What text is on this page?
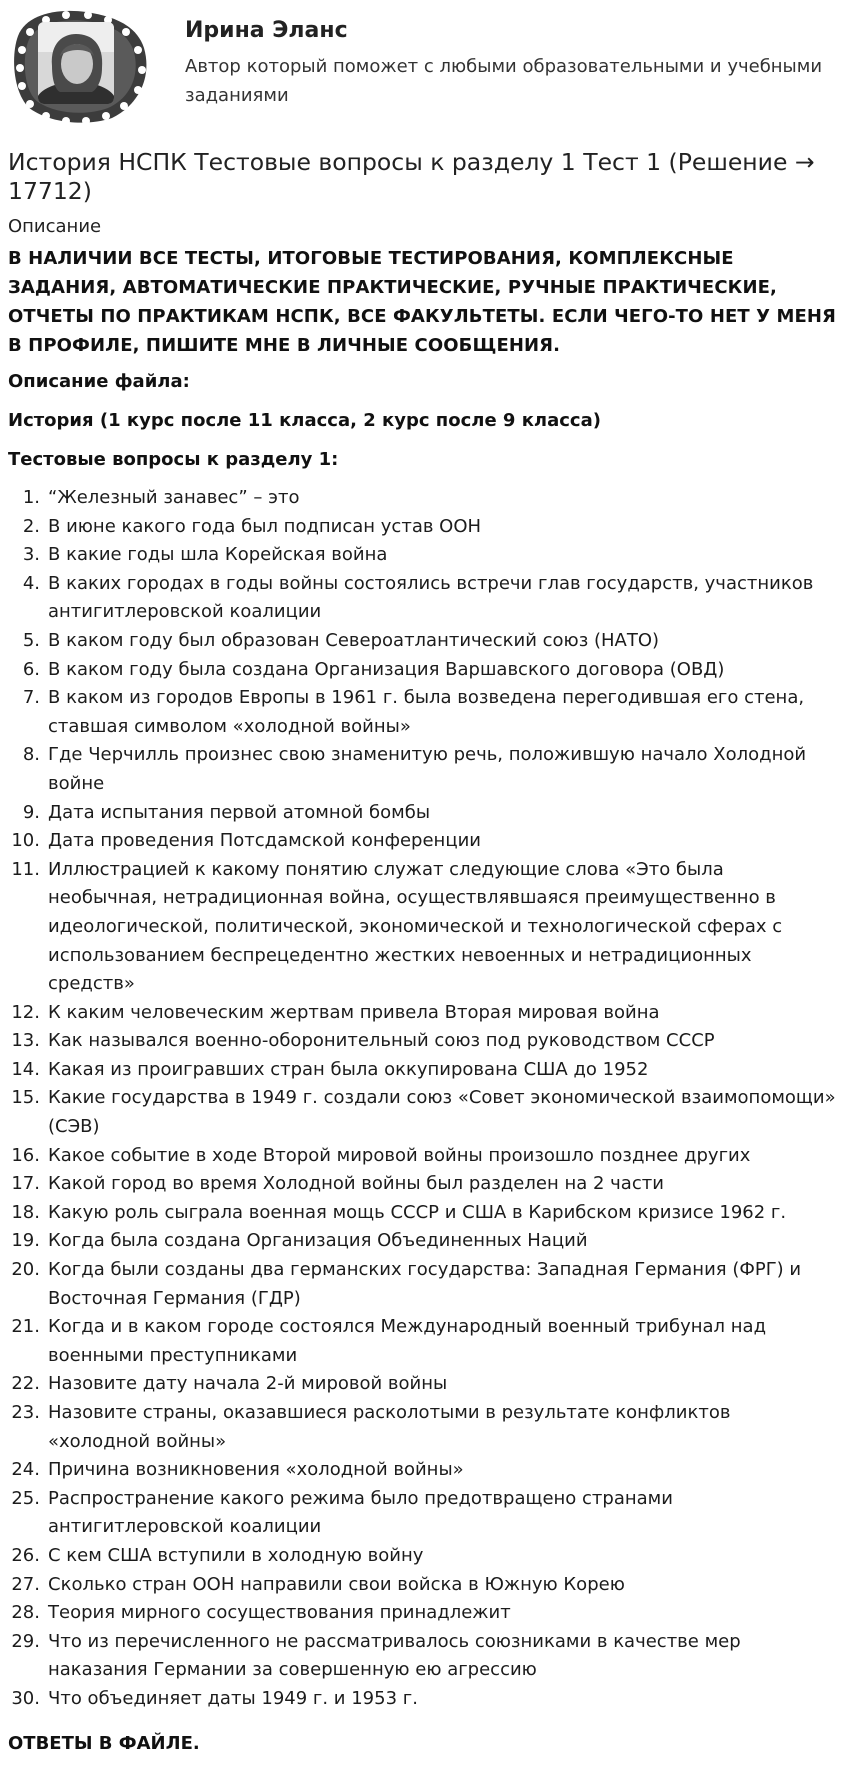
Ирина Эланс

Автор который поможет с любыми образовательными и учебными заданиями

История НСПК Тестовые вопросы к разделу 1 Тест 1 (Решение → 17712)

Описание

В НАЛИЧИИ ВСЕ ТЕСТЫ, ИТОГОВЫЕ ТЕСТИРОВАНИЯ, КОМПЛЕКСНЫЕ ЗАДАНИЯ, АВТОМАТИЧЕСКИЕ ПРАКТИЧЕСКИЕ, РУЧНЫЕ ПРАКТИЧЕСКИЕ, ОТЧЕТЫ ПО ПРАКТИКАМ НСПК, ВСЕ ФАКУЛЬТЕТЫ. ЕСЛИ ЧЕГО-ТО НЕТ У МЕНЯ В ПРОФИЛЕ, ПИШИТЕ МНЕ В ЛИЧНЫЕ СООБЩЕНИЯ.

Описание файла:

История (1 курс после 11 класса, 2 курс после 9 класса)

Тестовые вопросы к разделу 1:

1. “Железный занавес” – это
2. В июне какого года был подписан устав ООН
3. В какие годы шла Корейская война
4. В каких городах в годы войны состоялись встречи глав государств, участников антигитлеровской коалиции
5. В каком году был образован Североатлантический союз (НАТО)
6. В каком году была создана Организация Варшавского договора (ОВД)
7. В каком из городов Европы в 1961 г. была возведена перегодившая его стена, ставшая символом «холодной войны»
8. Где Черчилль произнес свою знаменитую речь, положившую начало Холодной войне
9. Дата испытания первой атомной бомбы
10. Дата проведения Потсдамской конференции
11. Иллюстрацией к какому понятию служат следующие слова «Это была необычная, нетрадиционная война, осуществлявшаяся преимущественно в идеологической, политической, экономической и технологической сферах с использованием беспрецедентно жестких невоенных и нетрадиционных средств»
12. К каким человеческим жертвам привела Вторая мировая война
13. Как назывался военно-оборонительный союз под руководством СССР
14. Какая из проигравших стран была оккупирована США до 1952
15. Какие государства в 1949 г. создали союз «Совет экономической взаимопомощи» (СЭВ)
16. Какое событие в ходе Второй мировой войны произошло позднее других
17. Какой город во время Холодной войны был разделен на 2 части
18. Какую роль сыграла военная мощь СССР и США в Карибском кризисе 1962 г.
19. Когда была создана Организация Объединенных Наций
20. Когда были созданы два германских государства: Западная Германия (ФРГ) и Восточная Германия (ГДР)
21. Когда и в каком городе состоялся Международный военный трибунал над военными преступниками
22. Назовите дату начала 2-й мировой войны
23. Назовите страны, оказавшиеся расколотыми в результате конфликтов «холодной войны»
24. Причина возникновения «холодной войны»
25. Распространение какого режима было предотвращено странами антигитлеровской коалиции
26. С кем США вступили в холодную войну
27. Сколько стран ООН направили свои войска в Южную Корею
28. Теория мирного сосуществования принадлежит
29. Что из перечисленного не рассматривалось союзниками в качестве мер наказания Германии за совершенную ею агрессию
30. Что объединяет даты 1949 г. и 1953 г.

ОТВЕТЫ В ФАЙЛЕ.
